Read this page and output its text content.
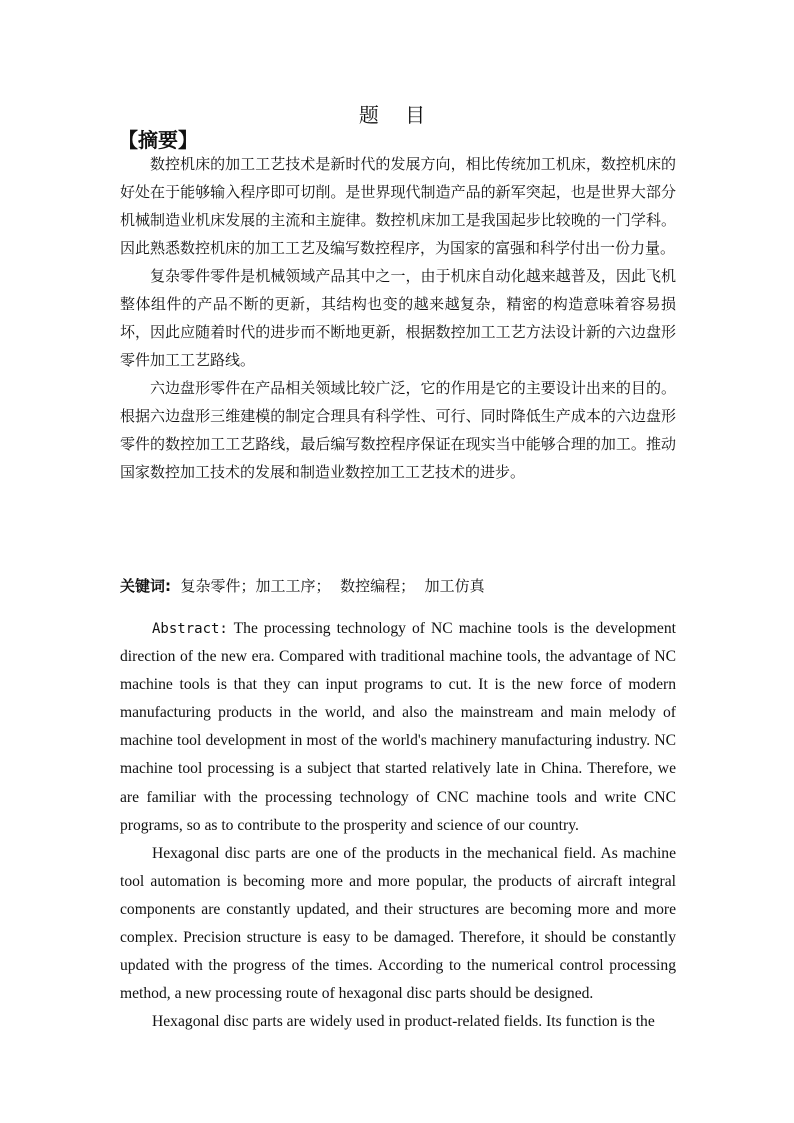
题 目
【摘要】

数控机床的加工工艺技术是新时代的发展方向，相比传统加工机床，数控机床的好处在于能够输入程序即可切削。是世界现代制造产品的新军突起，也是世界大部分机械制造业机床发展的主流和主旋律。数控机床加工是我国起步比较晚的一门学科。因此熟悉数控机床的加工工艺及编写数控程序，为国家的富强和科学付出一份力量。

复杂零件零件是机械领域产品其中之一，由于机床自动化越来越普及，因此飞机整体组件的产品不断的更新，其结构也变的越来越复杂，精密的构造意味着容易损坏，因此应随着时代的进步而不断地更新，根据数控加工工艺方法设计新的六边盘形零件加工工艺路线。

六边盘形零件在产品相关领域比较广泛，它的作用是它的主要设计出来的目的。根据六边盘形三维建模的制定合理具有科学性、可行、同时降低生产成本的六边盘形零件的数控加工工艺路线，最后编写数控程序保证在现实当中能够合理的加工。推动国家数控加工技术的发展和制造业数控加工工艺技术的进步。

关键词:  复杂零件；加工工序；  数控编程；  加工仿真

Abstract: The processing technology of NC machine tools is the development direction of the new era. Compared with traditional machine tools, the advantage of NC machine tools is that they can input programs to cut. It is the new force of modern manufacturing products in the world, and also the mainstream and main melody of machine tool development in most of the world's machinery manufacturing industry. NC machine tool processing is a subject that started relatively late in China. Therefore, we are familiar with the processing technology of CNC machine tools and write CNC programs, so as to contribute to the prosperity and science of our country.

Hexagonal disc parts are one of the products in the mechanical field. As machine tool automation is becoming more and more popular, the products of aircraft integral components are constantly updated, and their structures are becoming more and more complex. Precision structure is easy to be damaged. Therefore, it should be constantly updated with the progress of the times. According to the numerical control processing method, a new processing route of hexagonal disc parts should be designed.

Hexagonal disc parts are widely used in product-related fields. Its function is the
